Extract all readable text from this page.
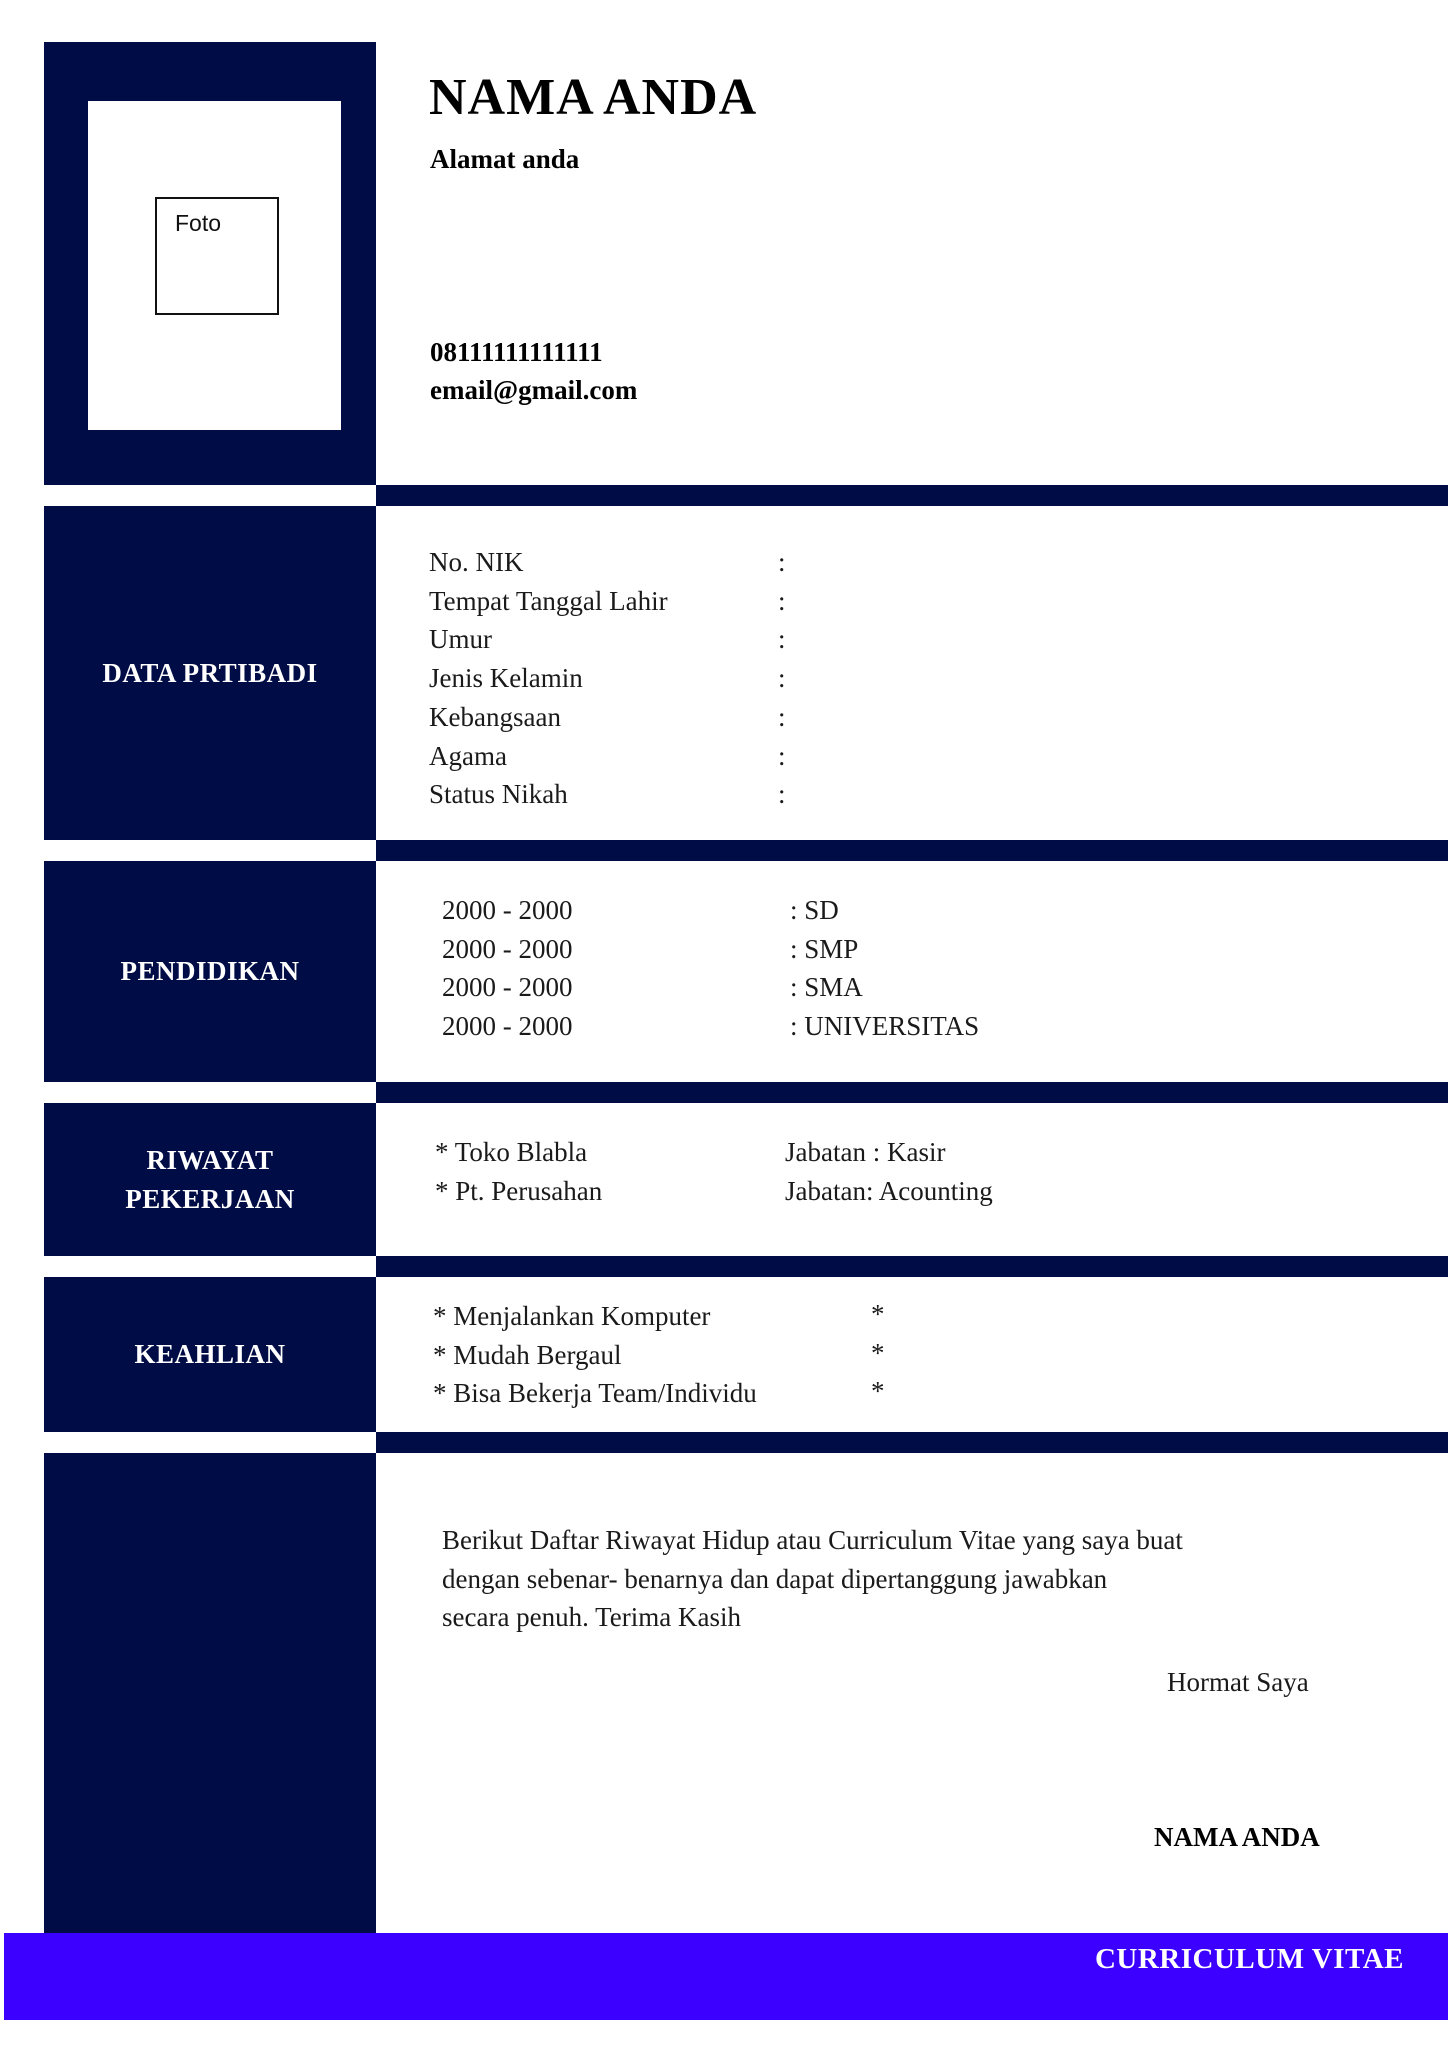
Foto
NAMA ANDA
Alamat anda
08111111111111
email@gmail.com
DATA PRTIBADI
No. NIK
Tempat Tanggal Lahir
Umur
Jenis Kelamin
Kebangsaan
Agama
Status Nikah
:
:
:
:
:
:
:
PENDIDIKAN
2000 - 2000
2000 - 2000
2000 - 2000
2000 - 2000
: SD
: SMP
: SMA
: UNIVERSITAS
RIWAYAT
PEKERJAAN
* Toko Blabla
* Pt. Perusahan
Jabatan : Kasir
Jabatan: Acounting
KEAHLIAN
* Menjalankan Komputer
* Mudah Bergaul
* Bisa Bekerja Team/Individu
*
*
*
Berikut Daftar Riwayat Hidup atau Curriculum Vitae yang saya buat
dengan sebenar- benarnya dan dapat dipertanggung jawabkan
secara penuh. Terima Kasih
Hormat Saya
NAMA ANDA
CURRICULUM VITAE
